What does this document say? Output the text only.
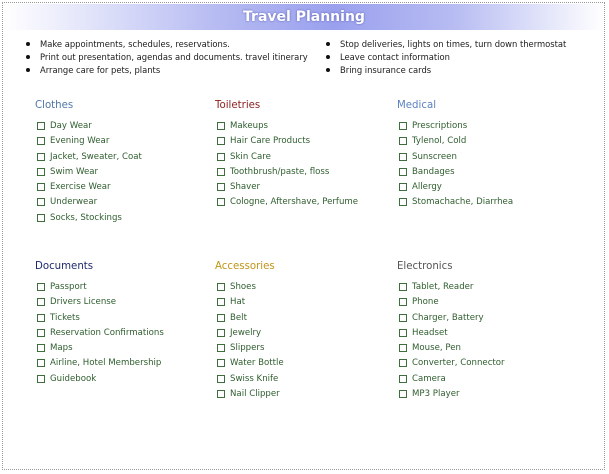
Travel Planning
Make appointments, schedules, reservations.
Print out presentation, agendas and documents. travel itinerary
Arrange care for pets, plants
Stop deliveries, lights on times, turn down thermostat
Leave contact information
Bring insurance cards
Clothes
Day Wear
Evening Wear
Jacket, Sweater, Coat
Swim Wear
Exercise Wear
Underwear
Socks, Stockings
Toiletries
Makeups
Hair Care Products
Skin Care
Toothbrush/paste, floss
Shaver
Cologne, Aftershave, Perfume
Medical
Prescriptions
Tylenol, Cold
Sunscreen
Bandages
Allergy
Stomachache, Diarrhea
Documents
Passport
Drivers License
Tickets
Reservation Confirmations
Maps
Airline, Hotel Membership
Guidebook
Accessories
Shoes
Hat
Belt
Jewelry
Slippers
Water Bottle
Swiss Knife
Nail Clipper
Electronics
Tablet, Reader
Phone
Charger, Battery
Headset
Mouse, Pen
Converter, Connector
Camera
MP3 Player
